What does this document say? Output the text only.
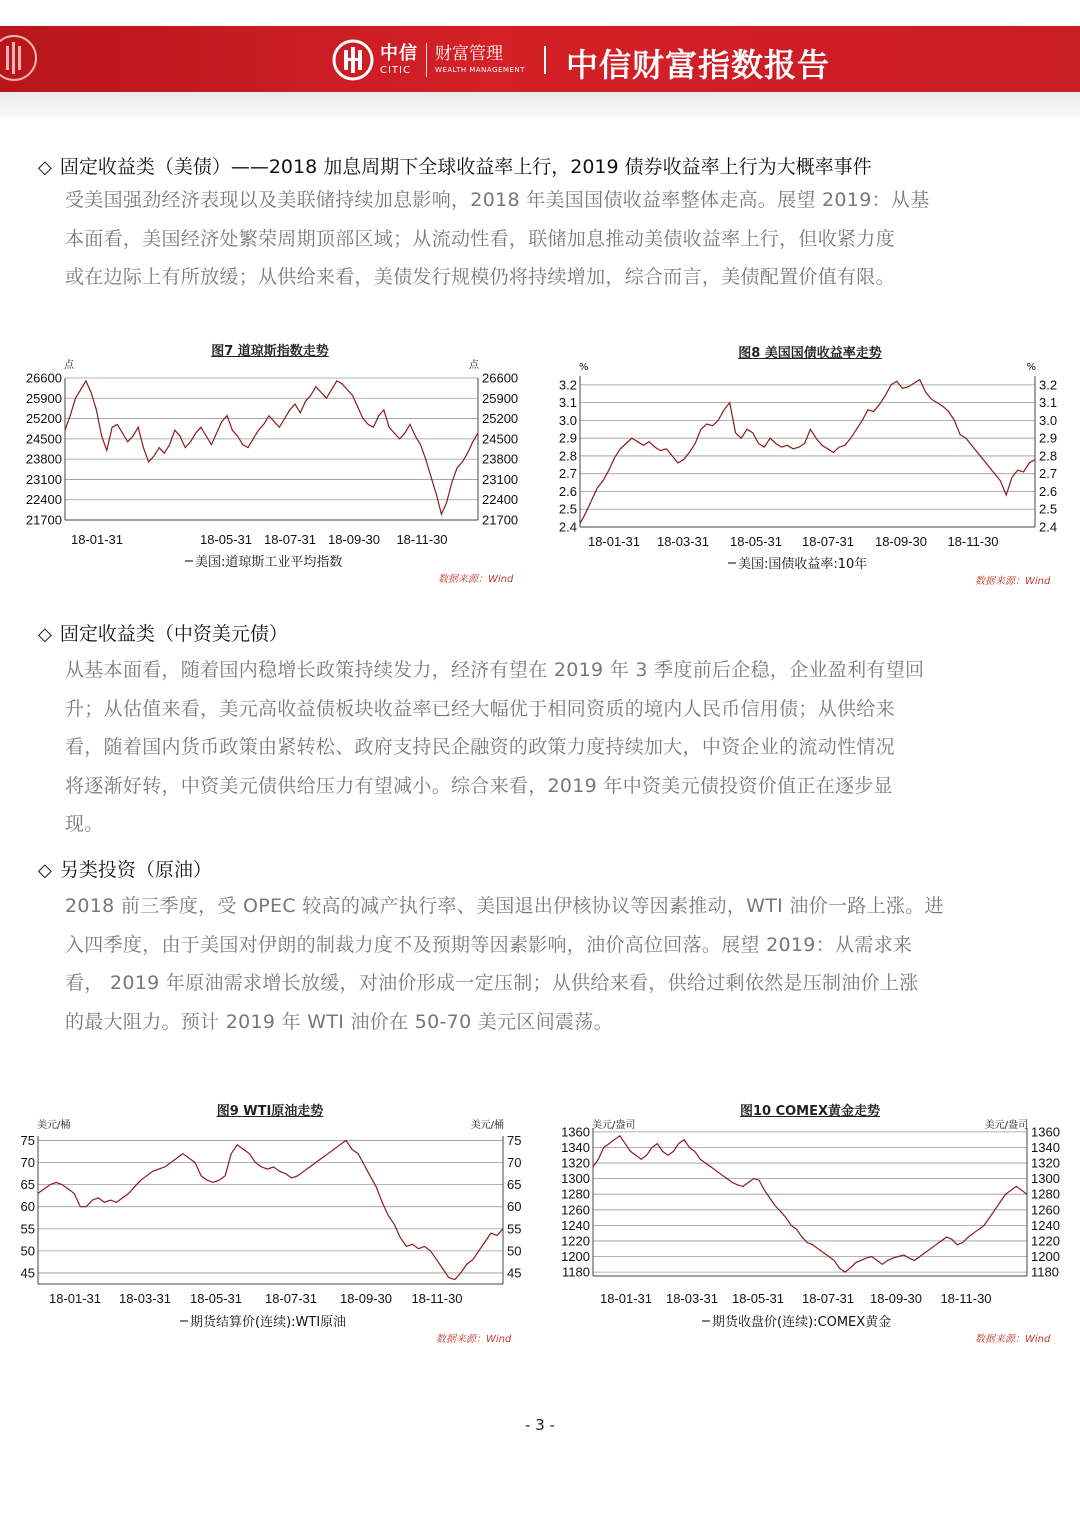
中信
CITIC
财富管理
WEALTH MANAGEMENT 中信财富指数报告
◇ 固定收益类（美债）——2018 加息周期下全球收益率上行，2019 债券收益率上行为大概率事件
受美国强劲经济表现以及美联储持续加息影响，2018 年美国国债收益率整体走高。展望 2019：从基
本面看，美国经济处繁荣周期顶部区域；从流动性看，联储加息推动美债收益率上行，但收紧力度
或在边际上有所放缓；从供给来看，美债发行规模仍将持续增加，综合而言，美债配置价值有限。
图7 道琼斯指数走势
26600	26600
25900	25900
25200	25200
24500	24500
23800	23800
23100	23100
22400	22400
21700	21700
点	点
18-01-31	18-05-31 18-07-31 18-09-30 18-11-30
美国:道琼斯工业平均指数
数据来源：Wind
图8 美国国债收益率走势
3.2	3.2
3.1	3.1
3.0	3.0
2.9	2.9
2.8	2.8
2.7	2.7
2.6	2.6
2.5	2.5
2.4	2.4
%	%
18-01-31 18-03-31 18-05-31 18-07-31 18-09-30 18-11-30
美国:国债收益率:10年
数据来源：Wind
◇ 固定收益类（中资美元债）
从基本面看，随着国内稳增长政策持续发力，经济有望在 2019 年 3 季度前后企稳，企业盈利有望回
升；从估值来看，美元高收益债板块收益率已经大幅优于相同资质的境内人民币信用债；从供给来
看，随着国内货币政策由紧转松、政府支持民企融资的政策力度持续加大，中资企业的流动性情况
将逐渐好转，中资美元债供给压力有望减小。综合来看，2019 年中资美元债投资价值正在逐步显
现。
◇ 另类投资（原油）
2018 前三季度，受 OPEC 较高的减产执行率、美国退出伊核协议等因素推动，WTI 油价一路上涨。进
入四季度，由于美国对伊朗的制裁力度不及预期等因素影响，油价高位回落。展望 2019：从需求来
看， 2019 年原油需求增长放缓，对油价形成一定压制；从供给来看，供给过剩依然是压制油价上涨
的最大阻力。预计 2019 年 WTI 油价在 50-70 美元区间震荡。
图9 WTI原油走势
75	75
70	70
65	65
60	60
55	55
50	50
45	45
美元/桶	美元/桶
18-01-31 18-03-31 18-05-31 18-07-31 18-09-30 18-11-30
期货结算价(连续):WTI原油
数据来源：Wind
图10 COMEX黄金走势
1360	1360
1340	1340
1320	1320
1300	1300
1280	1280
1260	1260
1240	1240
1220	1220
1200	1200
1180	1180
美元/盎司	美元/盎司
18-01-31 18-03-31 18-05-31 18-07-31 18-09-30 18-11-30
期货收盘价(连续):COMEX黄金
数据来源：Wind
- 3 -
